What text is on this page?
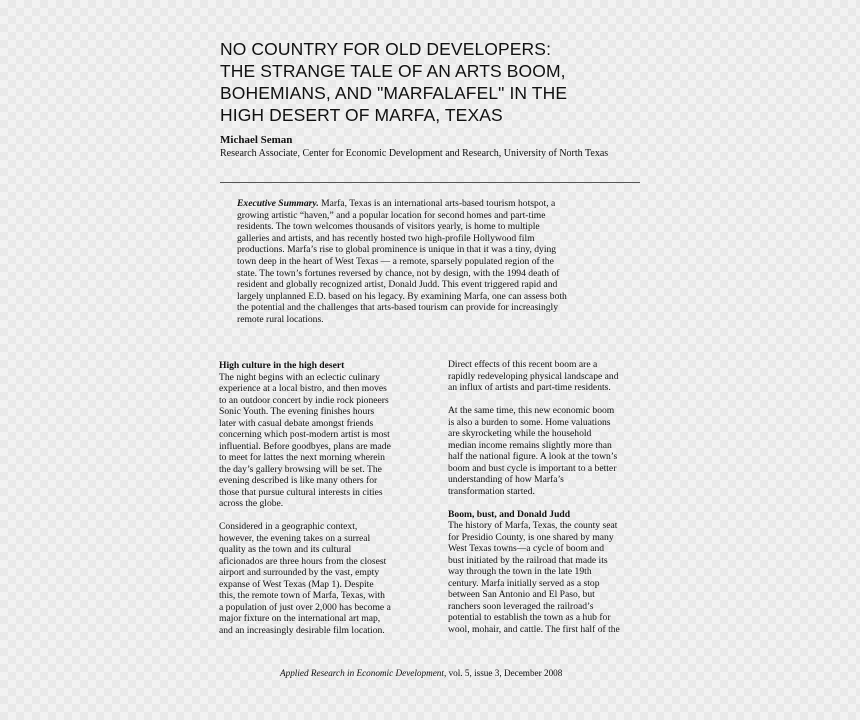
NO COUNTRY FOR OLD DEVELOPERS:
THE STRANGE TALE OF AN ARTS BOOM,
BOHEMIANS, AND "MARFALAFEL" IN THE
HIGH DESERT OF MARFA, TEXAS
Michael Seman
Research Associate, Center for Economic Development and Research, University of North Texas
Executive Summary. Marfa, Texas is an international arts-based tourism hotspot, a
growing artistic “haven,” and a popular location for second homes and part-time
residents. The town welcomes thousands of visitors yearly, is home to multiple
galleries and artists, and has recently hosted two high-profile Hollywood film
productions. Marfa’s rise to global prominence is unique in that it was a tiny, dying
town deep in the heart of West Texas — a remote, sparsely populated region of the
state. The town’s fortunes reversed by chance, not by design, with the 1994 death of
resident and globally recognized artist, Donald Judd. This event triggered rapid and
largely unplanned E.D. based on his legacy. By examining Marfa, one can assess both
the potential and the challenges that arts-based tourism can provide for increasingly
remote rural locations.
High culture in the high desert
The night begins with an eclectic culinary
experience at a local bistro, and then moves
to an outdoor concert by indie rock pioneers
Sonic Youth. The evening finishes hours
later with casual debate amongst friends
concerning which post-modern artist is most
influential. Before goodbyes, plans are made
to meet for lattes the next morning wherein
the day’s gallery browsing will be set. The
evening described is like many others for
those that pursue cultural interests in cities
across the globe.
Considered in a geographic context,
however, the evening takes on a surreal
quality as the town and its cultural
aficionados are three hours from the closest
airport and surrounded by the vast, empty
expanse of West Texas (Map 1). Despite
this, the remote town of Marfa, Texas, with
a population of just over 2,000 has become a
major fixture on the international art map,
and an increasingly desirable film location.
Direct effects of this recent boom are a
rapidly redeveloping physical landscape and
an influx of artists and part-time residents.
At the same time, this new economic boom
is also a burden to some. Home valuations
are skyrocketing while the household
median income remains slightly more than
half the national figure. A look at the town’s
boom and bust cycle is important to a better
understanding of how Marfa’s
transformation started.
Boom, bust, and Donald Judd
The history of Marfa, Texas, the county seat
for Presidio County, is one shared by many
West Texas towns—a cycle of boom and
bust initiated by the railroad that made its
way through the town in the late 19th
century. Marfa initially served as a stop
between San Antonio and El Paso, but
ranchers soon leveraged the railroad’s
potential to establish the town as a hub for
wool, mohair, and cattle. The first half of the
Applied Research in Economic Development, vol. 5, issue 3, December 2008
